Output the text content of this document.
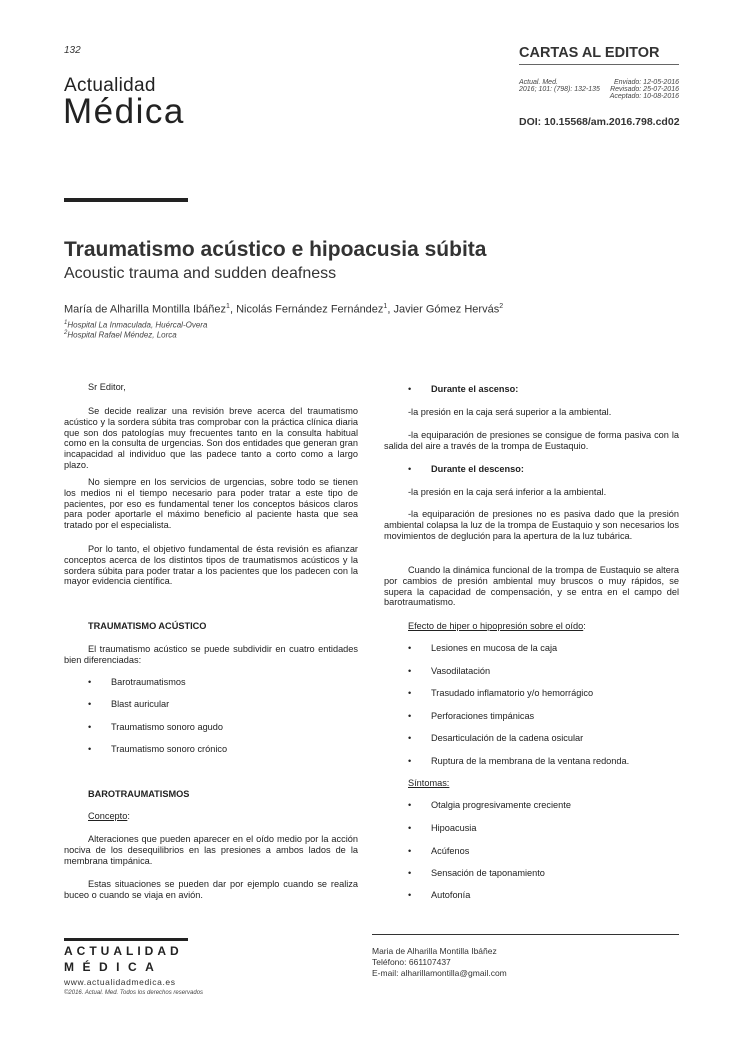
132
Actualidad
Médica
CARTAS AL EDITOR
Actual. Med.
2016; 101: (798): 132-135
Enviado: 12-05-2016
Revisado: 25-07-2016
Aceptado: 10-08-2016
DOI: 10.15568/am.2016.798.cd02
Traumatismo acústico e hipoacusia súbita
Acoustic trauma and sudden deafness
María de Alharilla Montilla Ibáñez$^1$, Nicolás Fernández Fernández$^1$, Javier Gómez Hervás$^2$
$^1$Hospital La Inmaculada, Huércal-Overa
$^2$Hospital Rafael Méndez, Lorca

Sr Editor,

Se decide realizar una revisión breve acerca del traumatismo acústico y la sordera súbita tras comprobar con la práctica clínica diaria que son dos patologías muy frecuentes tanto en la consulta habitual como en la consulta de urgencias. Son dos entidades que generan gran incapacidad al individuo que las padece tanto a corto como a largo plazo.

No siempre en los servicios de urgencias, sobre todo se tienen los medios ni el tiempo necesario para poder tratar a este tipo de pacientes, por eso es fundamental tener los conceptos básicos claros para poder aportarle el máximo beneficio al paciente hasta que sea tratado por el especialista.

Por lo tanto, el objetivo fundamental de ésta revisión es afianzar conceptos acerca de los distintos tipos de traumatismos acústicos y la sordera súbita para poder tratar a los pacientes que los padecen con la mayor evidencia científica.

TRAUMATISMO ACÚSTICO

El traumatismo acústico se puede subdividir en cuatro entidades bien diferenciadas:

• Barotraumatismos
• Blast auricular
• Traumatismo sonoro agudo
• Traumatismo sonoro crónico
BAROTRAUMATISMOS
Concepto:

Alteraciones que pueden aparecer en el oído medio por la acción nociva de los desequilibrios en las presiones a ambos lados de la membrana timpánica.

Estas situaciones se pueden dar por ejemplo cuando se realiza buceo o cuando se viaja en avión.

• Durante el ascenso:

-la presión en la caja será superior a la ambiental.

-la equiparación de presiones se consigue de forma pasiva con la salida del aire a través de la trompa de Eustaquio.

• Durante el descenso:

-la presión en la caja será inferior a la ambiental.

-la equiparación de presiones no es pasiva dado que la presión ambiental colapsa la luz de la trompa de Eustaquio y son necesarios los movimientos de deglución para la apertura de la luz tubárica.

Cuando la dinámica funcional de la trompa de Eustaquio se altera por cambios de presión ambiental muy bruscos o muy rápidos, se supera la capacidad de compensación, y se entra en el campo del barotraumatismo.

Efecto de hiper o hipopresión sobre el oído:
• Lesiones en mucosa de la caja
• Vasodilatación
• Trasudado inflamatorio y/o hemorrágico
• Perforaciones timpánicas
• Desarticulación de la cadena osicular
• Ruptura de la membrana de la ventana redonda.
Síntomas:
• Otalgia progresivamente creciente
• Hipoacusia
• Acúfenos
• Sensación de taponamiento
• Autofonía
ACTUALIDAD
MÉDICA
www.actualidadmedica.es
©2016. Actual. Med. Todos los derechos reservados
Maria de Alharilla Montilla Ibáñez
Teléfono: 661107437
E-mail: alharillamontilla@gmail.com
